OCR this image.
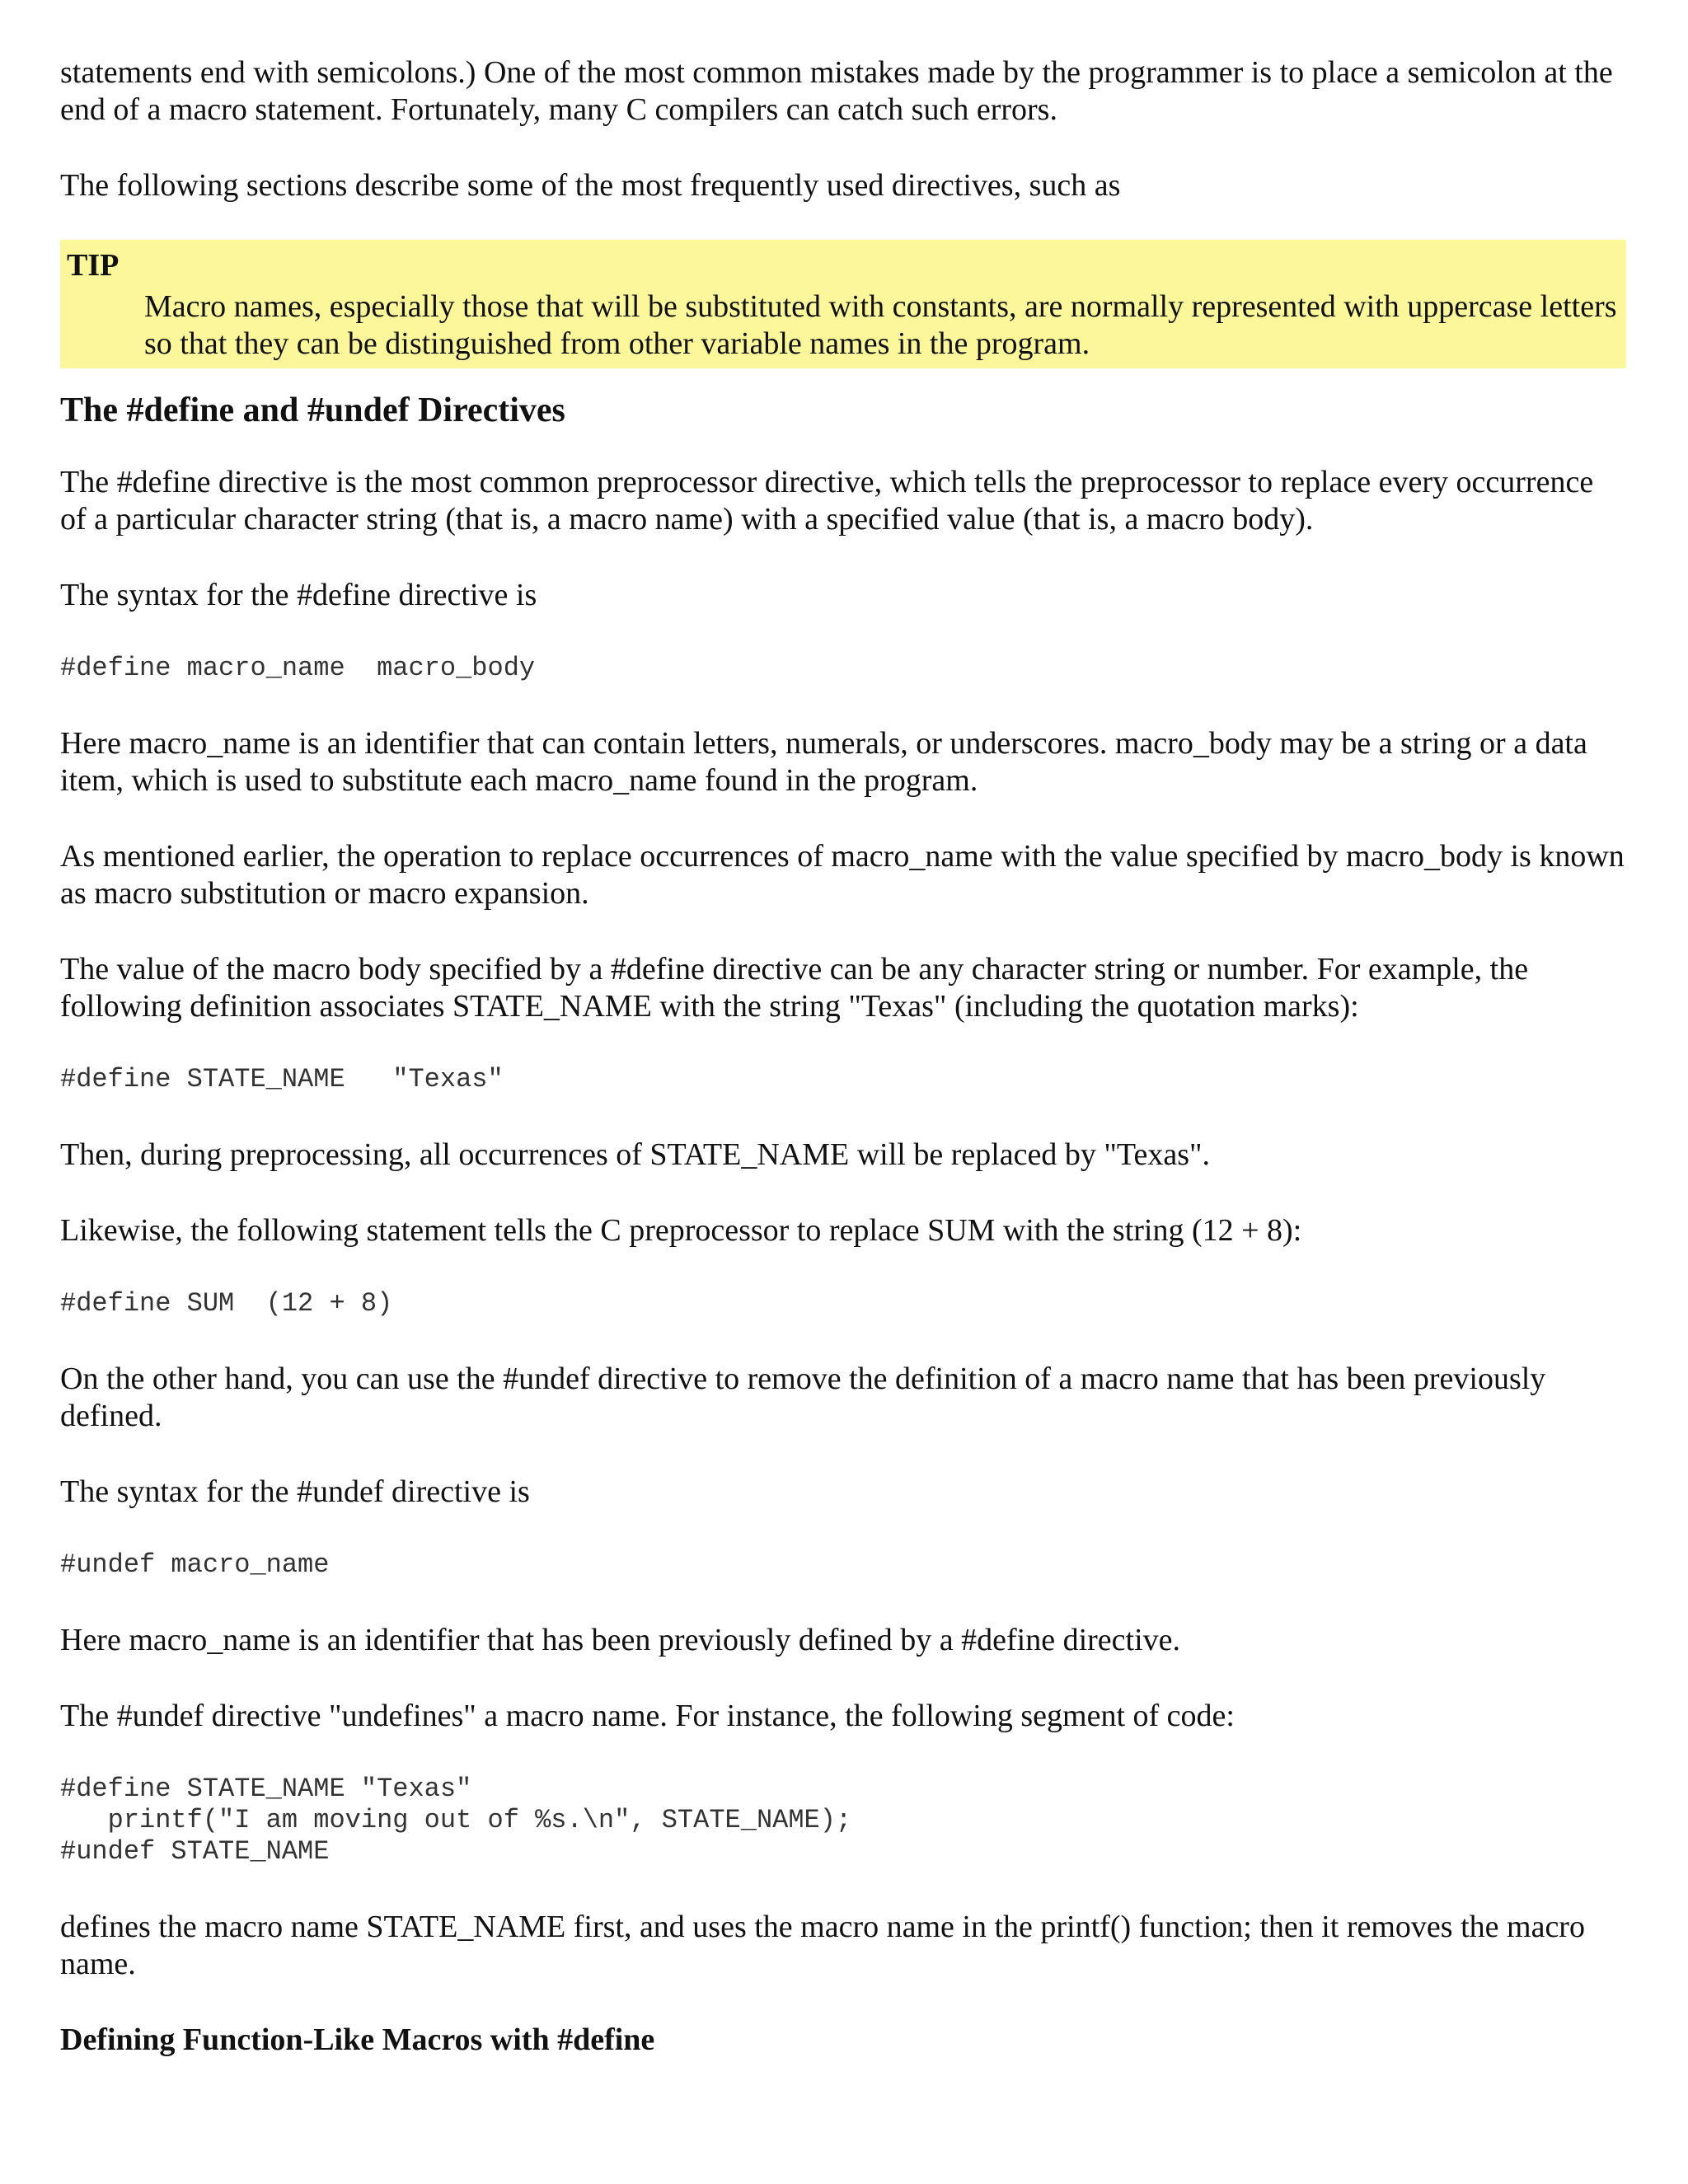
statements end with semicolons.) One of the most common mistakes made by the programmer is to place a semicolon at the end of a macro statement. Fortunately, many C compilers can catch such errors.

The following sections describe some of the most frequently used directives, such as

TIP
Macro names, especially those that will be substituted with constants, are normally represented with uppercase letters so that they can be distinguished from other variable names in the program.
The #define and #undef Directives

The #define directive is the most common preprocessor directive, which tells the preprocessor to replace every occurrence of a particular character string (that is, a macro name) with a specified value (that is, a macro body).

The syntax for the #define directive is

#define macro_name  macro_body

Here macro_name is an identifier that can contain letters, numerals, or underscores. macro_body may be a string or a data item, which is used to substitute each macro_name found in the program.

As mentioned earlier, the operation to replace occurrences of macro_name with the value specified by macro_body is known as macro substitution or macro expansion.

The value of the macro body specified by a #define directive can be any character string or number. For example, the following definition associates STATE_NAME with the string "Texas" (including the quotation marks):

#define STATE_NAME   "Texas"

Then, during preprocessing, all occurrences of STATE_NAME will be replaced by "Texas".

Likewise, the following statement tells the C preprocessor to replace SUM with the string (12 + 8):

#define SUM  (12 + 8)

On the other hand, you can use the #undef directive to remove the definition of a macro name that has been previously defined.

The syntax for the #undef directive is

#undef macro_name

Here macro_name is an identifier that has been previously defined by a #define directive.

The #undef directive "undefines" a macro name. For instance, the following segment of code:

#define STATE_NAME "Texas"
printf("I am moving out of %s.\n", STATE_NAME);
#undef STATE_NAME

defines the macro name STATE_NAME first, and uses the macro name in the printf() function; then it removes the macro name.

Defining Function-Like Macros with #define
